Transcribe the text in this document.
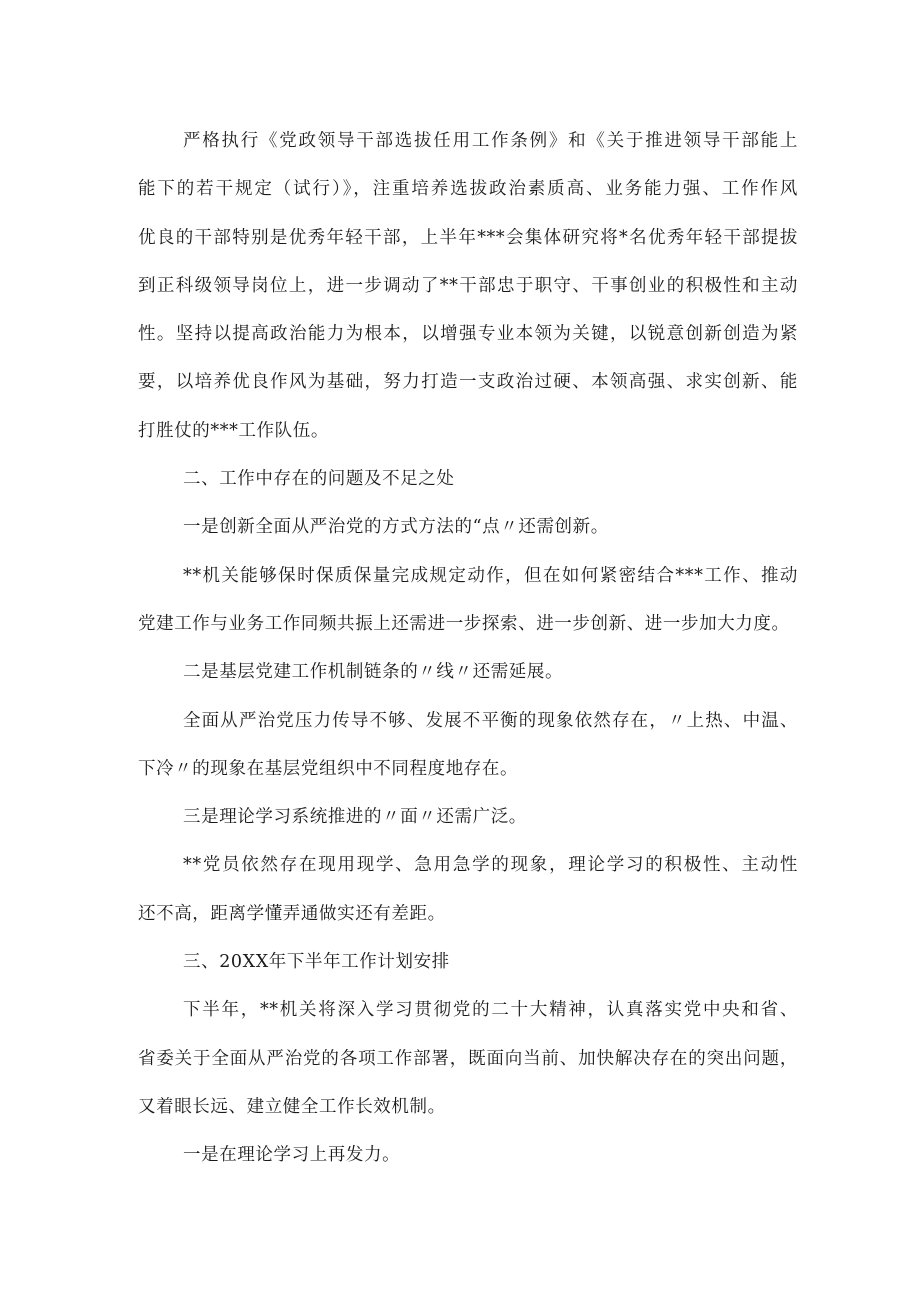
严格执行《党政领导干部选拔任用工作条例》和《关于推进领导干部能上
能下的若干规定（试行）》，注重培养选拔政治素质高、业务能力强、工作作风
优良的干部特别是优秀年轻干部，上半年***会集体研究将*名优秀年轻干部提拔
到正科级领导岗位上，进一步调动了**干部忠于职守、干事创业的积极性和主动
性。坚持以提高政治能力为根本，以增强专业本领为关键，以锐意创新创造为紧
要，以培养优良作风为基础，努力打造一支政治过硬、本领高强、求实创新、能
打胜仗的***工作队伍。
二、工作中存在的问题及不足之处
一是创新全面从严治党的方式方法的“点〃还需创新。
**机关能够保时保质保量完成规定动作，但在如何紧密结合***工作、推动
党建工作与业务工作同频共振上还需进一步探索、进一步创新、进一步加大力度。
二是基层党建工作机制链条的〃线〃还需延展。
全面从严治党压力传导不够、发展不平衡的现象依然存在，〃上热、中温、
下冷〃的现象在基层党组织中不同程度地存在。
三是理论学习系统推进的〃面〃还需广泛。
**党员依然存在现用现学、急用急学的现象，理论学习的积极性、主动性
还不高，距离学懂弄通做实还有差距。
三、20XX年下半年工作计划安排
下半年，**机关将深入学习贯彻党的二十大精神，认真落实党中央和省、
省委关于全面从严治党的各项工作部署，既面向当前、加快解决存在的突出问题，
又着眼长远、建立健全工作长效机制。
一是在理论学习上再发力。
